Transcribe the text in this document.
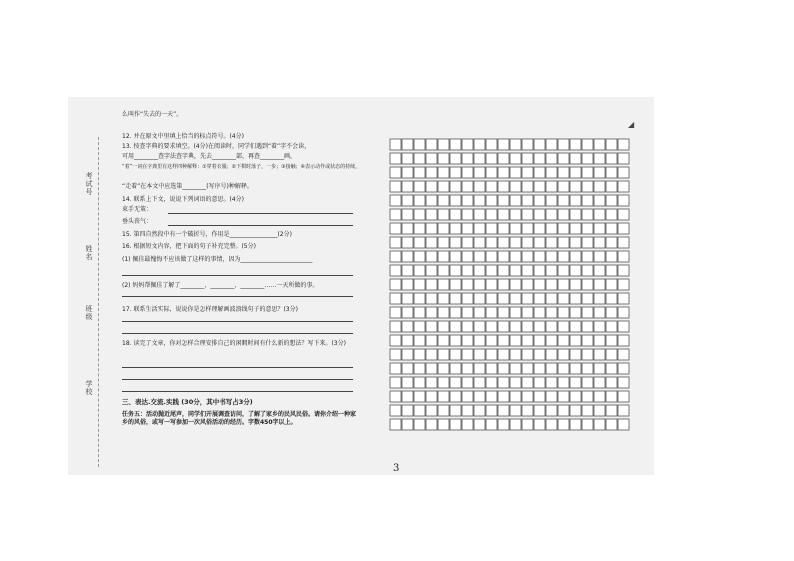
考试号
姓名
班级
学校
么叫作“失去的一天”。
12. 并在原文中里填上恰当的标点符号。(4分)
13. 按查字典的要求填空。(4分)在阅读时，同学们遇到“着”字不会读，
可用________查字法查字典，先去________部，再查________画，
“着”一词在字典里有这样四种解释：①穿着衣服；②下棋时落子，一步；③接触；④表示动作或状态的持续，
“走着”在本文中应选第________(写序号)种解释。
14. 联系上下文，说说下列词语的意思。(4分)
束手无策：
垂头丧气：
15. 第四自然段中有一个破折号，作用是________________(2分)
16. 根据短文内容，把下面的句子补充完整。(5分)
(1) 佩佳最愧悔不应该做了这样的事情，因为________________________
(2) 妈妈帮佩佳了解了________、________、________……一天所做的事。
17. 联系生活实际，说说你是怎样理解画波浪线句子的意思？(3分)
18. 读完了文章，你对怎样合理安排自己的闲暇时间有什么新的想法？写下来。(3分)
三、表达.交流.实践 (30分，其中书写占3分)
任务五：活动抛近尾声，同学们开展调查访问，了解了家乡的民风民俗。请你介绍一种家乡的风俗，或写一写参加一次风俗活动的经历。字数450字以上。
◢
3
